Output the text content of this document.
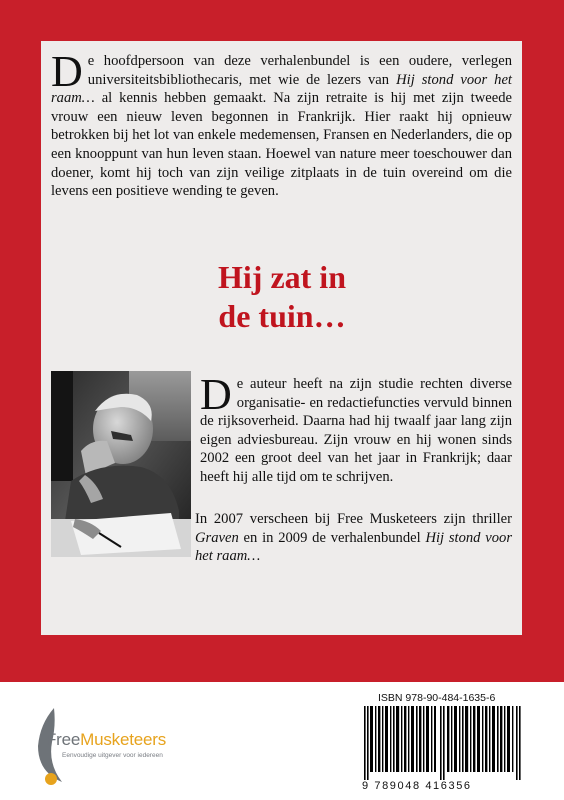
De hoofdpersoon van deze verhalenbundel is een oudere, verlegen universiteitsbibliothecaris, met wie de lezers van Hij stond voor het raam… al kennis hebben gemaakt. Na zijn retraite is hij met zijn tweede vrouw een nieuw leven begonnen in Frankrijk. Hier raakt hij opnieuw betrokken bij het lot van enkele medemensen, Fransen en Nederlanders, die op een knooppunt van hun leven staan. Hoewel van nature meer toeschouwer dan doener, komt hij toch van zijn veilige zitplaats in de tuin overeind om die levens een positieve wending te geven.
Hij zat in
de tuin…
De auteur heeft na zijn studie rechten diverse organisatie- en redactiefuncties vervuld binnen de rijksoverheid. Daarna had hij twaalf jaar lang zijn eigen adviesbureau. Zijn vrouw en hij wonen sinds 2002 een groot deel van het jaar in Frankrijk; daar heeft hij alle tijd om te schrijven.
In 2007 verscheen bij Free Musketeers zijn thriller Graven en in 2009 de verhalenbundel Hij stond voor het raam…
FreeMusketeers
Eenvoudige uitgever voor iedereen
ISBN 978-90-484-1635-6
9 789048 416356
